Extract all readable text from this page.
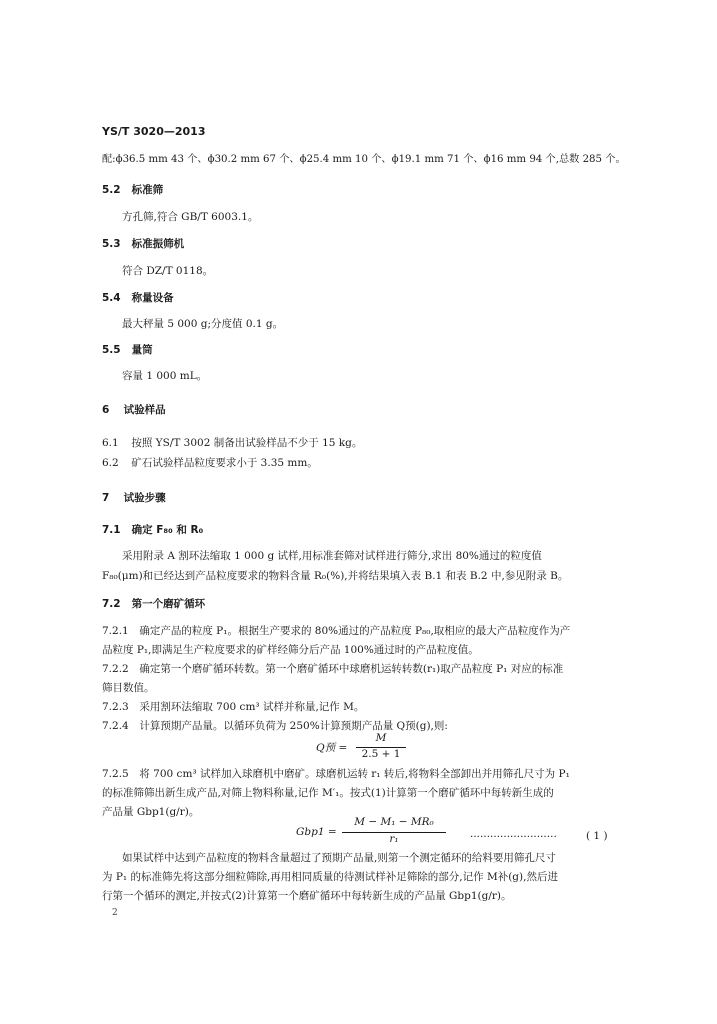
YS/T 3020—2013
配:ϕ36.5 mm 43 个、ϕ30.2 mm 67 个、ϕ25.4 mm 10 个、ϕ19.1 mm 71 个、ϕ16 mm 94 个,总数 285 个。
5.2 标准筛
方孔筛,符合 GB/T 6003.1。
5.3 标准振筛机
符合 DZ/T 0118。
5.4 称量设备
最大秤量 5 000 g;分度值 0.1 g。
5.5 量筒
容量 1 000 mL。
6 试验样品
6.1 按照 YS/T 3002 制备出试验样品不少于 15 kg。
6.2 矿石试验样品粒度要求小于 3.35 mm。
7 试验步骤
7.1 确定 F₈₀ 和 R₀
采用附录 A 割环法缩取 1 000 g 试样,用标准套筛对试样进行筛分,求出 80%通过的粒度值
F₈₀(μm)和已经达到产品粒度要求的物料含量 R₀(%),并将结果填入表 B.1 和表 B.2 中,参见附录 B。
7.2 第一个磨矿循环
7.2.1 确定产品的粒度 P₁。根据生产要求的 80%通过的产品粒度 P₈₀,取相应的最大产品粒度作为产
品粒度 P₁,即满足生产粒度要求的矿样经筛分后产品 100%通过时的产品粒度值。
7.2.2 确定第一个磨矿循环转数。第一个磨矿循环中球磨机运转转数(r₁)取产品粒度 P₁ 对应的标准
筛目数值。
7.2.3 采用割环法缩取 700 cm³ 试样并称量,记作 M。
7.2.4 计算预期产品量。以循环负荷为 250%计算预期产品量 Q预(g),则:
Q预 =
M
2.5 + 1
7.2.5 将 700 cm³ 试样加入球磨机中磨矿。球磨机运转 r₁ 转后,将物料全部卸出并用筛孔尺寸为 P₁
的标准筛筛出新生成产品,对筛上物料称量,记作 M′₁。按式(1)计算第一个磨矿循环中每转新生成的
产品量 Gbp1(g/r)。
Gbp1 =
M − M₁ − MR₀
r₁	··························	( 1 )
如果试样中达到产品粒度的物料含量超过了预期产品量,则第一个测定循环的给料要用筛孔尺寸
为 P₁ 的标准筛先将这部分细粒筛除,再用相同质量的待测试样补足筛除的部分,记作 M补(g),然后进
行第一个循环的测定,并按式(2)计算第一个磨矿循环中每转新生成的产品量 Gbp1(g/r)。
2
